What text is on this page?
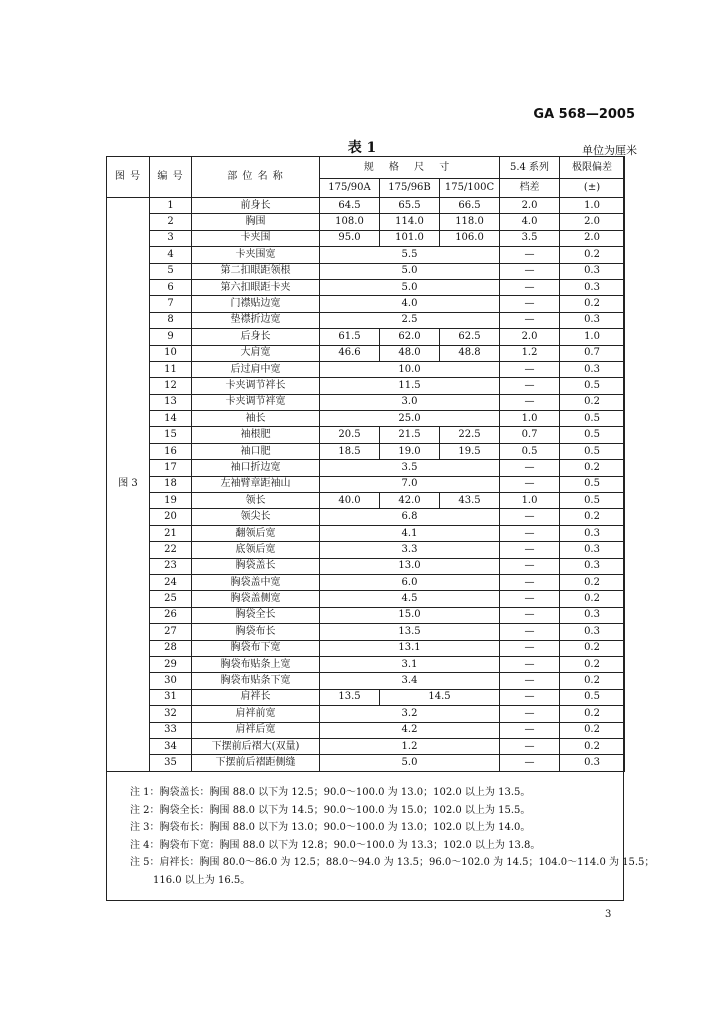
GA 568—2005
表 1	单位为厘米
图 号	编 号	部 位 名 称	规 格 尺 寸			5.4 系列	极限偏差
			175/90A	175/96B	175/100C	档差	(±)
图 3	1	前身长	64.5	65.5	66.5	2.0	1.0
	2	胸围	108.0	114.0	118.0	4.0	2.0
	3	卡夹围	95.0	101.0	106.0	3.5	2.0
	4	卡夹围宽	5.5			—	0.2
	5	第二扣眼距领根	5.0			—	0.3
	6	第六扣眼距卡夹	5.0			—	0.3
	7	门襟贴边宽	4.0			—	0.2
	8	垫襟折边宽	2.5			—	0.3
	9	后身长	61.5	62.0	62.5	2.0	1.0
	10	大肩宽	46.6	48.0	48.8	1.2	0.7
	11	后过肩中宽	10.0			—	0.3
	12	卡夹调节袢长	11.5			—	0.5
	13	卡夹调节袢宽	3.0			—	0.2
	14	袖长	25.0			1.0	0.5
	15	袖根肥	20.5	21.5	22.5	0.7	0.5
	16	袖口肥	18.5	19.0	19.5	0.5	0.5
	17	袖口折边宽	3.5			—	0.2
	18	左袖臂章距袖山	7.0			—	0.5
	19	领长	40.0	42.0	43.5	1.0	0.5
	20	领尖长	6.8			—	0.2
	21	翻领后宽	4.1			—	0.3
	22	底领后宽	3.3			—	0.3
	23	胸袋盖长	13.0			—	0.3
	24	胸袋盖中宽	6.0			—	0.2
	25	胸袋盖侧宽	4.5			—	0.2
	26	胸袋全长	15.0			—	0.3
	27	胸袋布长	13.5			—	0.3
	28	胸袋布下宽	13.1			—	0.2
	29	胸袋布贴条上宽	3.1			—	0.2
	30	胸袋布贴条下宽	3.4			—	0.2
	31	肩袢长	13.5	14.5		—	0.5
	32	肩袢前宽	3.2			—	0.2
	33	肩袢后宽	4.2			—	0.2
	34	下摆前后褶大(双量)	1.2			—	0.2
	35	下摆前后褶距侧缝	5.0			—	0.3
注 1：胸袋盖长：胸围 88.0 以下为 12.5；90.0～100.0 为 13.0；102.0 以上为 13.5。
注 2：胸袋全长：胸围 88.0 以下为 14.5；90.0～100.0 为 15.0；102.0 以上为 15.5。
注 3：胸袋布长：胸围 88.0 以下为 13.0；90.0～100.0 为 13.0；102.0 以上为 14.0。
注 4：胸袋布下宽：胸围 88.0 以下为 12.8；90.0～100.0 为 13.3；102.0 以上为 13.8。
注 5：肩袢长：胸围 80.0～86.0 为 12.5；88.0～94.0 为 13.5；96.0～102.0 为 14.5；104.0～114.0 为 15.5；
116.0 以上为 16.5。
3
